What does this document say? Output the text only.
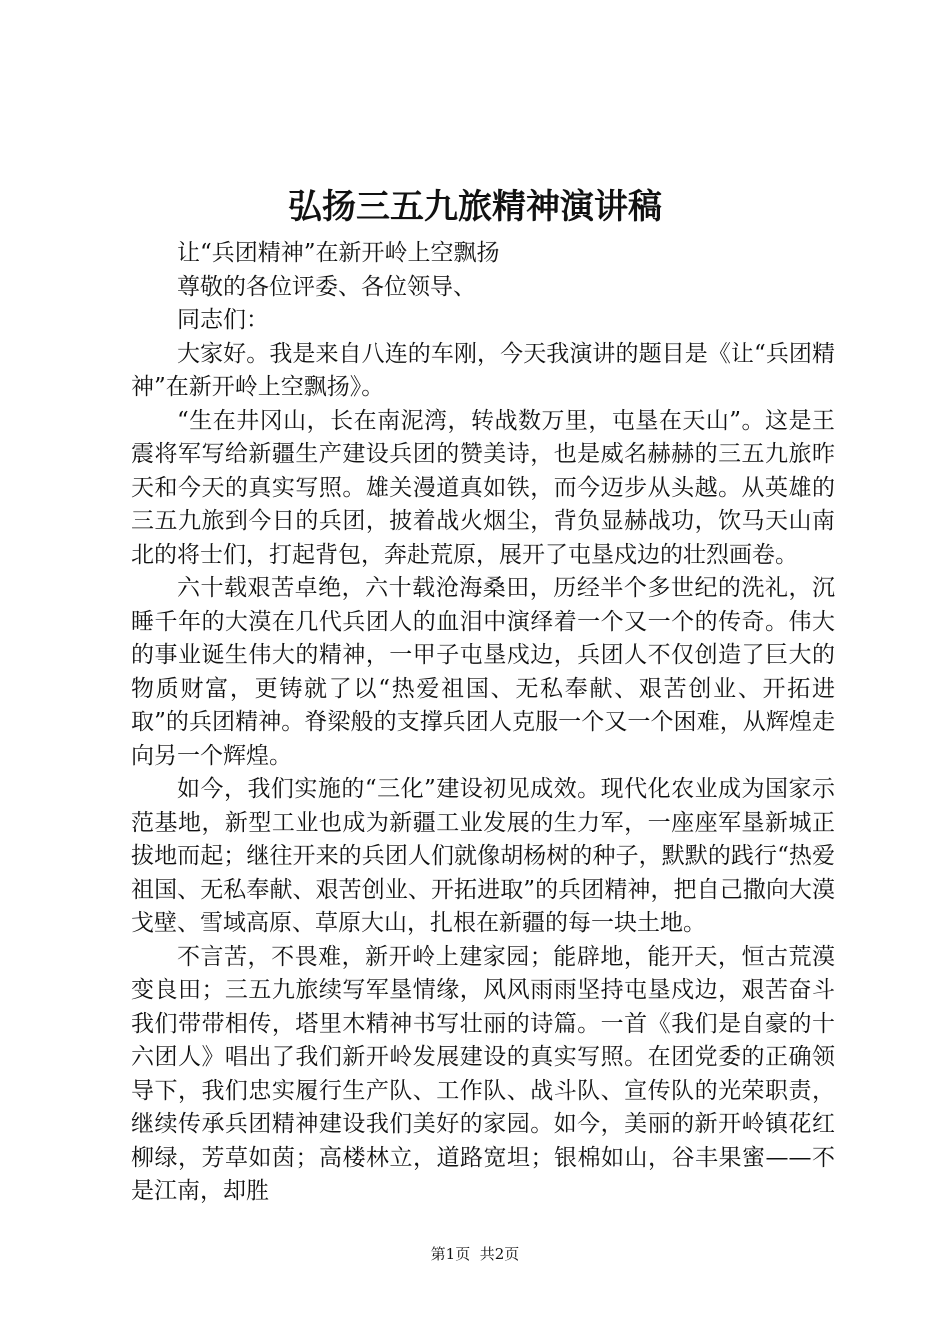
弘扬三五九旅精神演讲稿

让“兵团精神”在新开岭上空飘扬

尊敬的各位评委、各位领导、

同志们：

大家好。我是来自八连的车刚，今天我演讲的题目是《让“兵团精神”在新开岭上空飘扬》。

“生在井冈山，长在南泥湾，转战数万里，屯垦在天山”。这是王震将军写给新疆生产建设兵团的赞美诗，也是威名赫赫的三五九旅昨天和今天的真实写照。雄关漫道真如铁，而今迈步从头越。从英雄的三五九旅到今日的兵团，披着战火烟尘，背负显赫战功，饮马天山南北的将士们，打起背包，奔赴荒原，展开了屯垦戍边的壮烈画卷。

六十载艰苦卓绝，六十载沧海桑田，历经半个多世纪的洗礼，沉睡千年的大漠在几代兵团人的血泪中演绎着一个又一个的传奇。伟大的事业诞生伟大的精神，一甲子屯垦戍边，兵团人不仅创造了巨大的物质财富，更铸就了以“热爱祖国、无私奉献、艰苦创业、开拓进取”的兵团精神。脊梁般的支撑兵团人克服一个又一个困难，从辉煌走向另一个辉煌。

如今，我们实施的“三化”建设初见成效。现代化农业成为国家示范基地，新型工业也成为新疆工业发展的生力军，一座座军垦新城正拔地而起；继往开来的兵团人们就像胡杨树的种子，默默的践行“热爱祖国、无私奉献、艰苦创业、开拓进取”的兵团精神，把自己撒向大漠戈壁、雪域高原、草原大山，扎根在新疆的每一块土地。

不言苦，不畏难，新开岭上建家园；能辟地，能开天，恒古荒漠变良田；三五九旅续写军垦情缘，风风雨雨坚持屯垦戍边，艰苦奋斗我们带带相传，塔里木精神书写壮丽的诗篇。一首《我们是自豪的十六团人》唱出了我们新开岭发展建设的真实写照。在团党委的正确领导下，我们忠实履行生产队、工作队、战斗队、宣传队的光荣职责，继续传承兵团精神建设我们美好的家园。如今，美丽的新开岭镇花红柳绿，芳草如茵；高楼林立，道路宽坦；银棉如山，谷丰果蜜——不是江南，却胜

第1页 共2页
